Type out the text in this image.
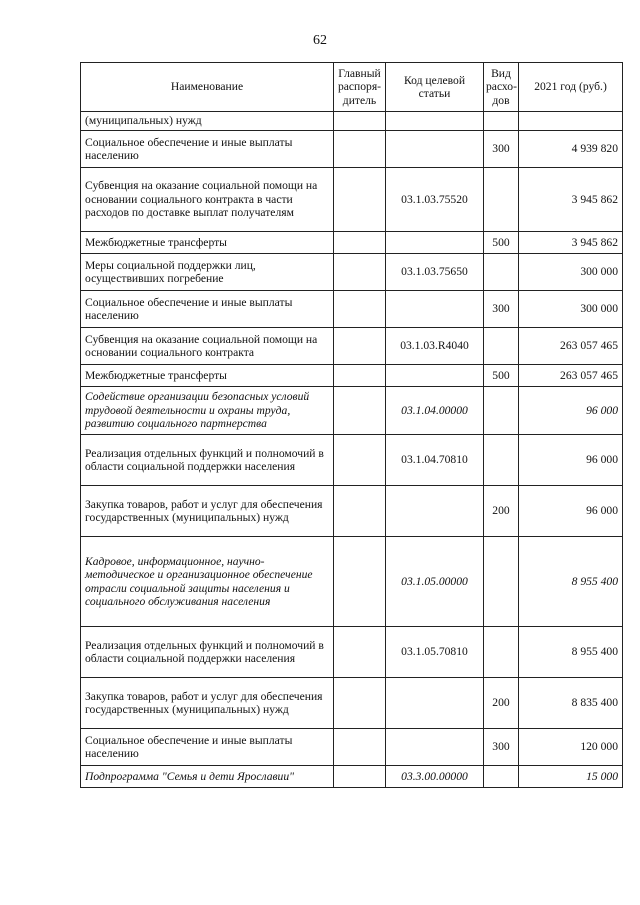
62
Наименование	Главный распоря-дитель	Код целевой статьи	Вид расхо-дов	2021 год (руб.)
(муниципальных) нужд				
Социальное обеспечение и иные выплаты населению			300	4 939 820
Субвенция на оказание социальной помощи на основании социального контракта в части расходов по доставке выплат получателям		03.1.03.75520		3 945 862
Межбюджетные трансферты			500	3 945 862
Меры социальной поддержки лиц, осуществивших погребение		03.1.03.75650		300 000
Социальное обеспечение и иные выплаты населению			300	300 000
Субвенция на оказание социальной помощи на основании социального контракта		03.1.03.R4040		263 057 465
Межбюджетные трансферты			500	263 057 465
Содействие организации безопасных условий трудовой деятельности и охраны труда, развитию социального партнерства		03.1.04.00000		96 000
Реализация отдельных функций и полномочий в области социальной поддержки населения		03.1.04.70810		96 000
Закупка товаров, работ и услуг для обеспечения государственных (муниципальных) нужд			200	96 000
Кадровое, информационное, научно-методическое и организационное обеспечение отрасли социальной защиты населения и социального обслуживания населения		03.1.05.00000		8 955 400
Реализация отдельных функций и полномочий в области социальной поддержки населения		03.1.05.70810		8 955 400
Закупка товаров, работ и услуг для обеспечения государственных (муниципальных) нужд			200	8 835 400
Социальное обеспечение и иные выплаты населению			300	120 000
Подпрограмма "Семья и дети Ярославии"		03.3.00.00000		15 000
